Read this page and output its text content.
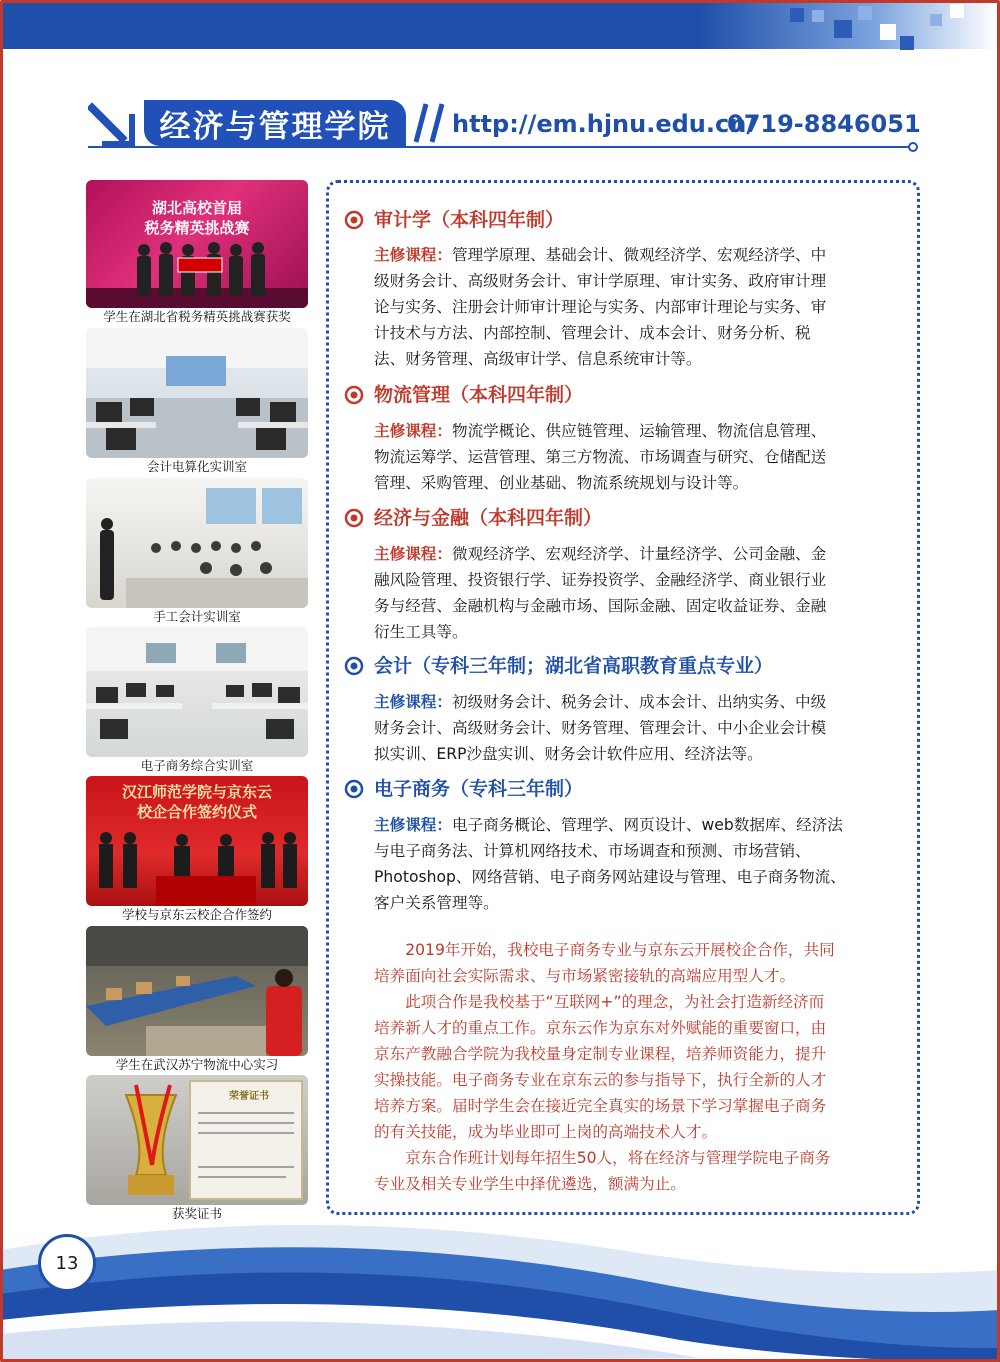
经济与管理学院	http://em.hjnu.edu.cn/
0719-8846051
湖北高校首届
税务精英挑战赛
学生在湖北省税务精英挑战赛获奖
会计电算化实训室
手工会计实训室
电子商务综合实训室
汉江师范学院与京东云
校企合作签约仪式
学校与京东云校企合作签约
学生在武汉苏宁物流中心实习
荣誉证书
获奖证书
审计学（本科四年制）
主修课程：管理学原理、基础会计、微观经济学、宏观经济学、中
级财务会计、高级财务会计、审计学原理、审计实务、政府审计理
论与实务、注册会计师审计理论与实务、内部审计理论与实务、审
计技术与方法、内部控制、管理会计、成本会计、财务分析、税
法、财务管理、高级审计学、信息系统审计等。
物流管理（本科四年制）
主修课程：物流学概论、供应链管理、运输管理、物流信息管理、
物流运筹学、运营管理、第三方物流、市场调查与研究、仓储配送
管理、采购管理、创业基础、物流系统规划与设计等。
经济与金融（本科四年制）
主修课程：微观经济学、宏观经济学、计量经济学、公司金融、金
融风险管理、投资银行学、证券投资学、金融经济学、商业银行业
务与经营、金融机构与金融市场、国际金融、固定收益证券、金融
衍生工具等。
会计（专科三年制；湖北省高职教育重点专业）
主修课程：初级财务会计、税务会计、成本会计、出纳实务、中级
财务会计、高级财务会计、财务管理、管理会计、中小企业会计模
拟实训、ERP沙盘实训、财务会计软件应用、经济法等。
电子商务（专科三年制）
主修课程：电子商务概论、管理学、网页设计、web数据库、经济法
与电子商务法、计算机网络技术、市场调查和预测、市场营销、
Photoshop、网络营销、电子商务网站建设与管理、电子商务物流、
客户关系管理等。
　　2019年开始，我校电子商务专业与京东云开展校企合作，共同
培养面向社会实际需求、与市场紧密接轨的高端应用型人才。
　　此项合作是我校基于“互联网+”的理念，为社会打造新经济而
培养新人才的重点工作。京东云作为京东对外赋能的重要窗口，由
京东产教融合学院为我校量身定制专业课程，培养师资能力，提升
实操技能。电子商务专业在京东云的参与指导下，执行全新的人才
培养方案。届时学生会在接近完全真实的场景下学习掌握电子商务
的有关技能，成为毕业即可上岗的高端技术人才。
　　京东合作班计划每年招生50人，将在经济与管理学院电子商务
专业及相关专业学生中择优遴选，额满为止。
13
